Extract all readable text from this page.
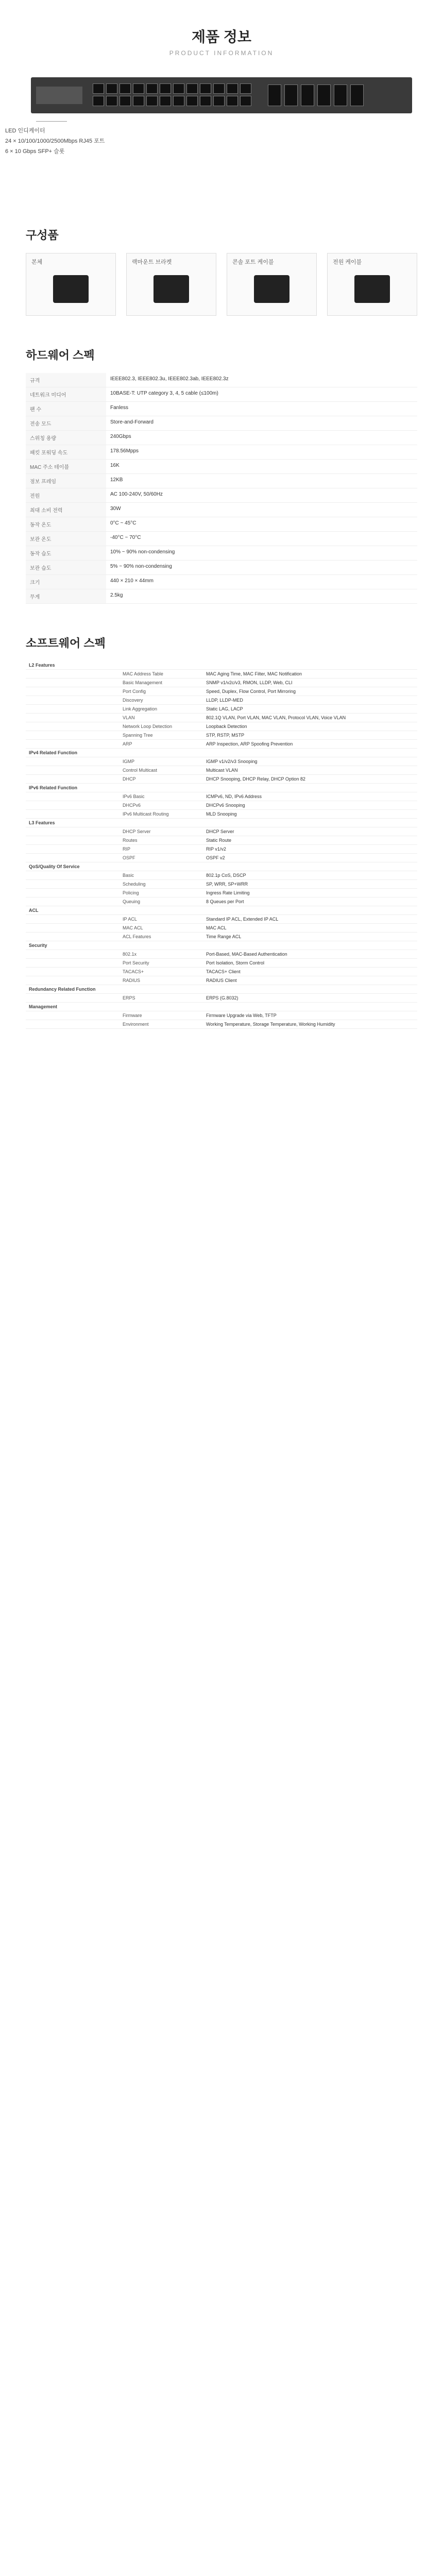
제품 정보
PRODUCT INFORMATION
LED 인디케이터
24 × 10/100/1000/2500Mbps RJ45 포트
6 × 10 Gbps SFP+ 슬롯
구성품
본체	랙마운트 브라켓	콘솔 포트 케이블	전원 케이블
하드웨어 스펙
규격	IEEE802.3, IEEE802.3u, IEEE802.3ab, IEEE802.3z
네트워크 미디어	10BASE-T: UTP category 3, 4, 5 cable (≤100m)
팬 수	Fanless
전송 모드	Store-and-Forward
스위칭 용량	240Gbps
패킷 포워딩 속도	178.56Mpps
MAC 주소 테이블	16K
점보 프레임	12KB
전원	AC 100-240V, 50/60Hz
최대 소비 전력	30W
동작 온도	0°C ~ 45°C
보관 온도	-40°C ~ 70°C
동작 습도	10% ~ 90% non-condensing
보관 습도	5% ~ 90% non-condensing
크기	440 × 210 × 44mm
무게	2.5kg
소프트웨어 스펙
L2 Features		
	MAC Address Table	MAC Aging Time, MAC Filter, MAC Notification
	Basic Management	SNMP v1/v2c/v3, RMON, LLDP, Web, CLI
	Port Config	Speed, Duplex, Flow Control, Port Mirroring
	Discovery	LLDP, LLDP-MED
	Link Aggregation	Static LAG, LACP
	VLAN	802.1Q VLAN, Port VLAN, MAC VLAN, Protocol VLAN, Voice VLAN
	Network Loop Detection	Loopback Detection
	Spanning Tree	STP, RSTP, MSTP
	ARP	ARP Inspection, ARP Spoofing Prevention
IPv4 Related Function		
	IGMP	IGMP v1/v2/v3 Snooping
	Control Multicast	Multicast VLAN
	DHCP	DHCP Snooping, DHCP Relay, DHCP Option 82
IPv6 Related Function		
	IPv6 Basic	ICMPv6, ND, IPv6 Address
	DHCPv6	DHCPv6 Snooping
	IPv6 Multicast Routing	MLD Snooping
L3 Features		
	DHCP Server	DHCP Server
	Routes	Static Route
	RIP	RIP v1/v2
	OSPF	OSPF v2
QoS/Quality Of Service		
	Basic	802.1p CoS, DSCP
	Scheduling	SP, WRR, SP+WRR
	Policing	Ingress Rate Limiting
	Queuing	8 Queues per Port
ACL		
	IP ACL	Standard IP ACL, Extended IP ACL
	MAC ACL	MAC ACL
	ACL Features	Time Range ACL
Security		
	802.1x	Port-Based, MAC-Based Authentication
	Port Security	Port Isolation, Storm Control
	TACACS+	TACACS+ Client
	RADIUS	RADIUS Client
Redundancy Related Function		
	ERPS	ERPS (G.8032)
Management		
	Firmware	Firmware Upgrade via Web, TFTP
	Environment	Working Temperature, Storage Temperature, Working Humidity
